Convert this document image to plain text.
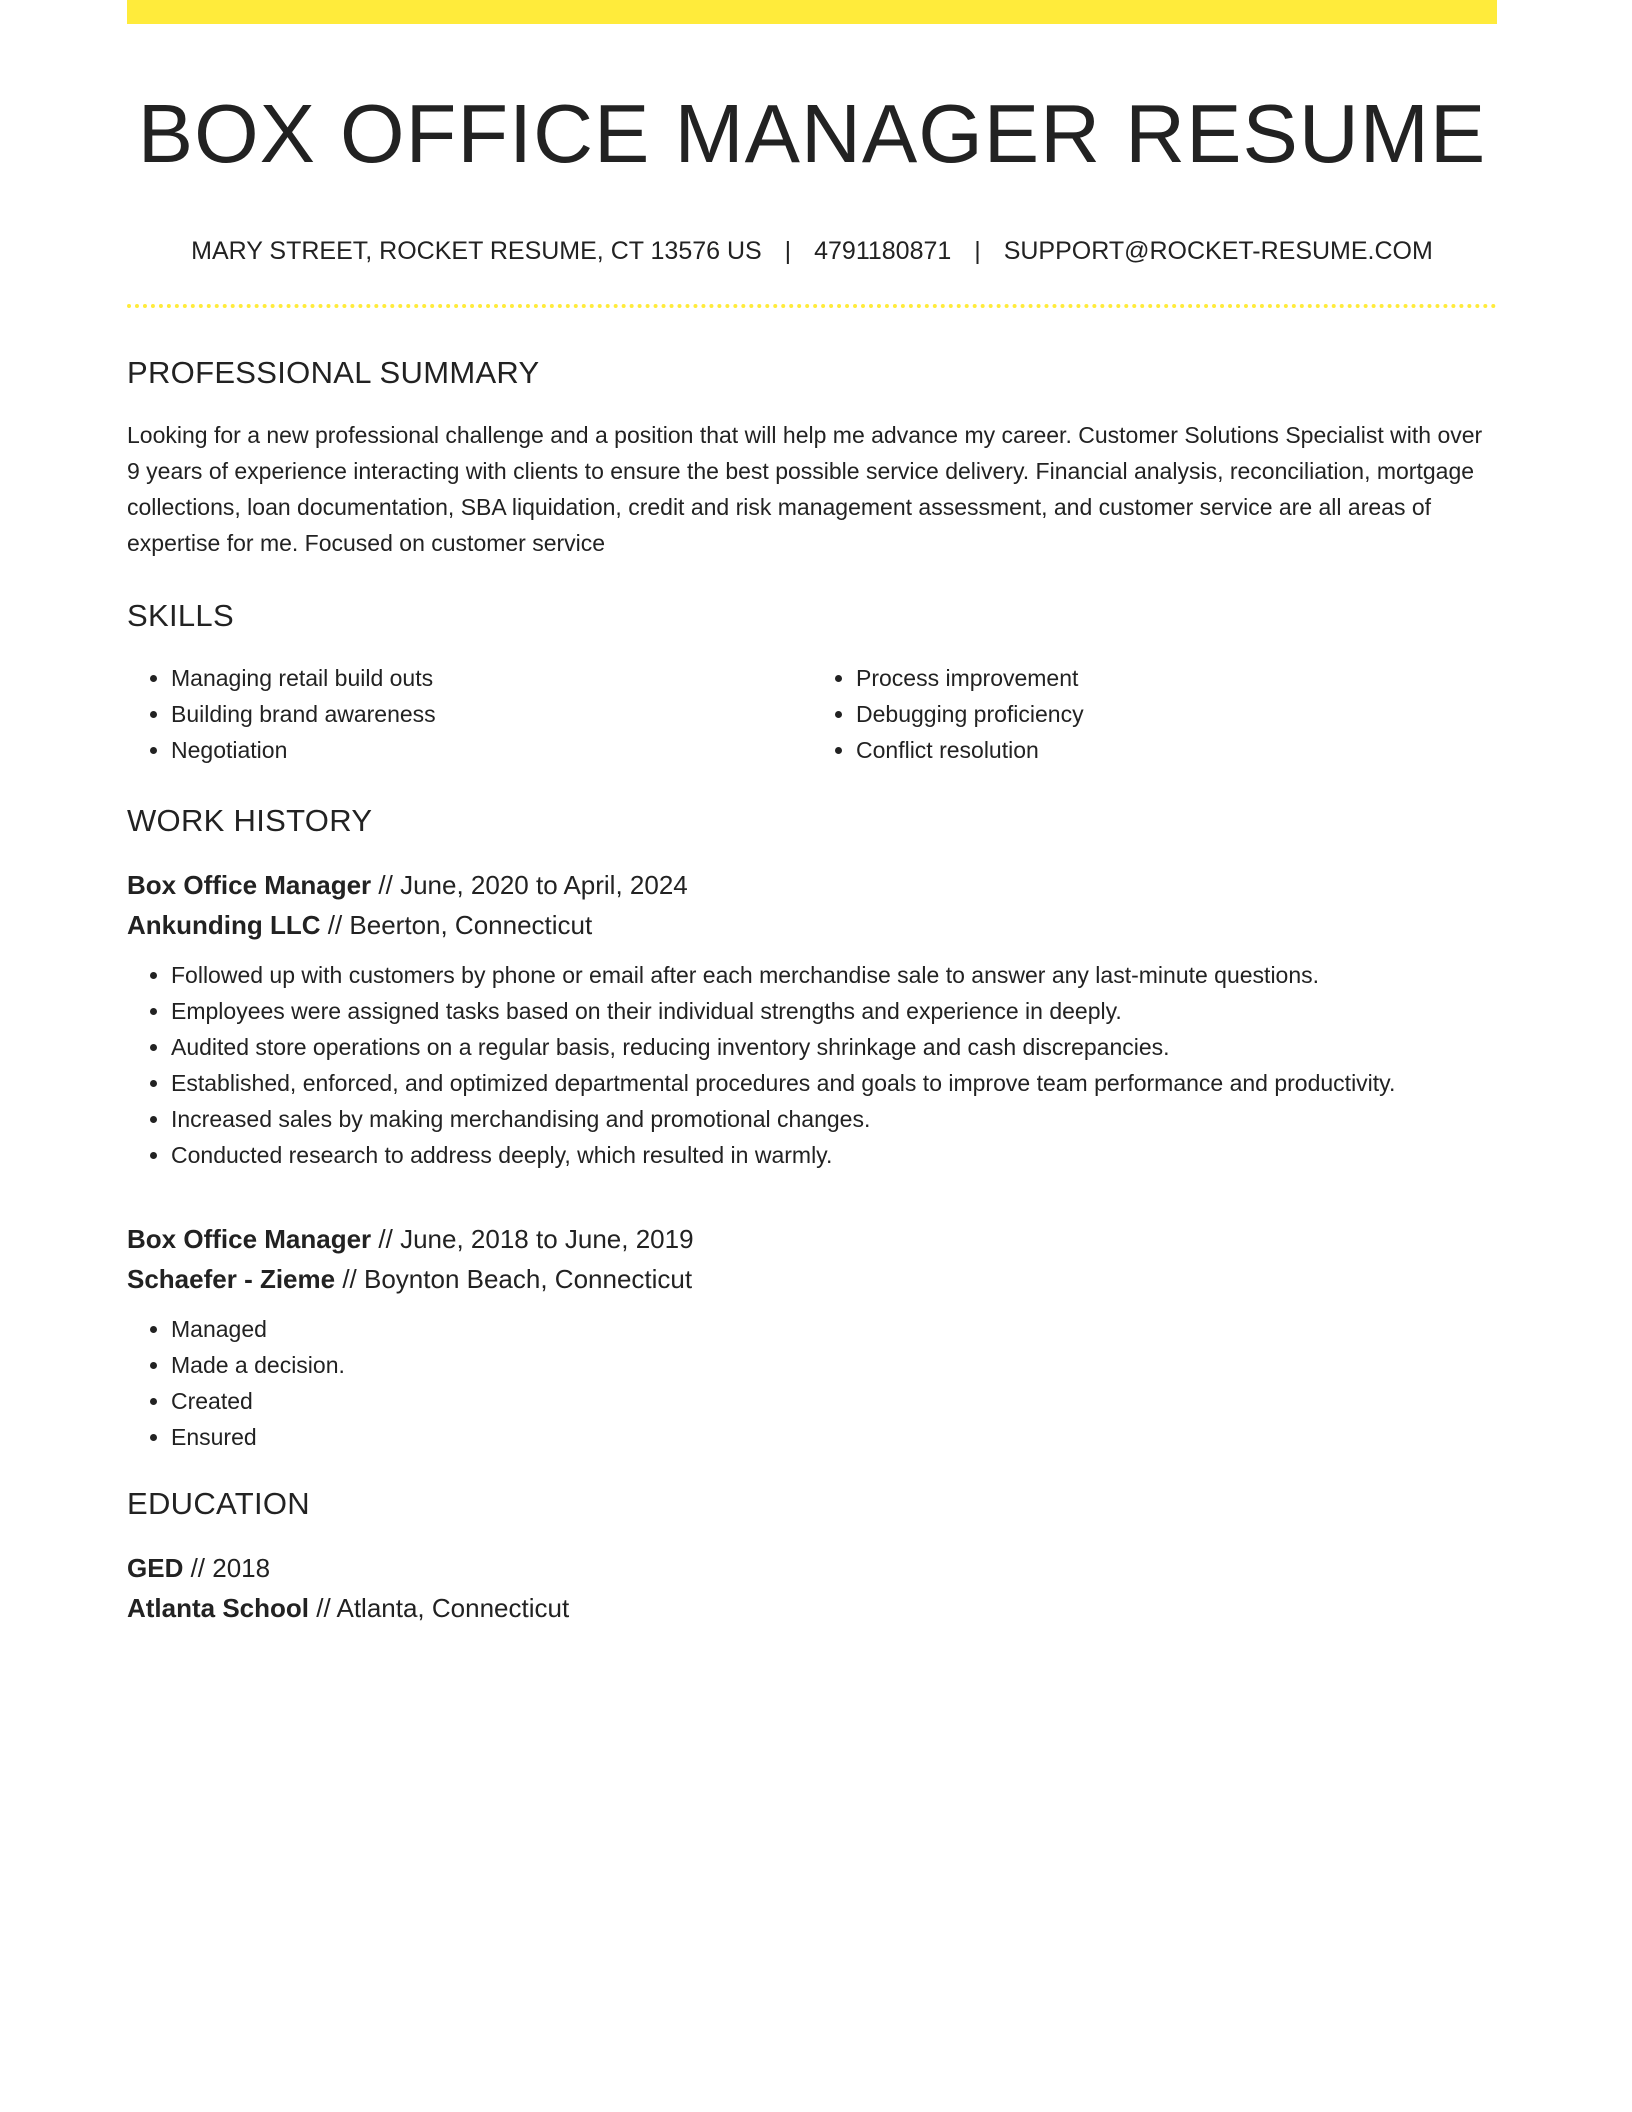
BOX OFFICE MANAGER RESUME
MARY STREET, ROCKET RESUME, CT 13576 US | 4791180871 | SUPPORT@ROCKET-RESUME.COM
PROFESSIONAL SUMMARY

Looking for a new professional challenge and a position that will help me advance my career. Customer Solutions Specialist with over 9 years of experience interacting with clients to ensure the best possible service delivery. Financial analysis, reconciliation, mortgage collections, loan documentation, SBA liquidation, credit and risk management assessment, and customer service are all areas of expertise for me. Focused on customer service

SKILLS
• Managing retail build outs
• Building brand awareness
• Negotiation
• Process improvement
• Debugging proficiency
• Conflict resolution
WORK HISTORY
Box Office Manager // June, 2020 to April, 2024
Ankunding LLC // Beerton, Connecticut
• Followed up with customers by phone or email after each merchandise sale to answer any last-minute questions.
• Employees were assigned tasks based on their individual strengths and experience in deeply.
• Audited store operations on a regular basis, reducing inventory shrinkage and cash discrepancies.
• Established, enforced, and optimized departmental procedures and goals to improve team performance and productivity.
• Increased sales by making merchandising and promotional changes.
• Conducted research to address deeply, which resulted in warmly.
Box Office Manager // June, 2018 to June, 2019
Schaefer - Zieme // Boynton Beach, Connecticut
• Managed
• Made a decision.
• Created
• Ensured
EDUCATION
GED // 2018
Atlanta School // Atlanta, Connecticut
